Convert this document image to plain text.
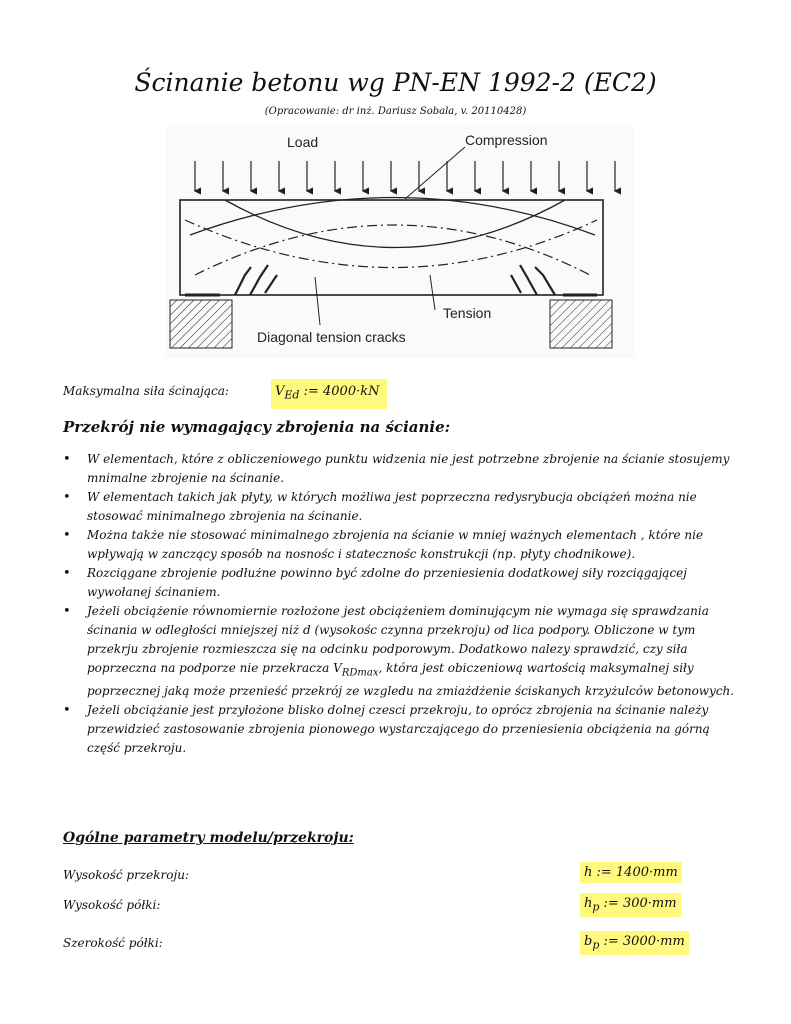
Ścinanie betonu wg PN-EN 1992-2 (EC2)
(Opracowanie: dr inż. Dariusz Sobala, v. 20110428)
Load	Compression
Tension
Diagonal tension cracks
Maksymalna siła ścinająca:	$V_{Ed}$ := 4000·kN
Przekrój nie wymagający zbrojenia na ścianie:
• W elementach, które z obliczeniowego punktu widzenia nie jest potrzebne zbrojenie na ścianie stosujemy mnimalne zbrojenie na ścinanie.
• W elementach takich jak płyty, w których możliwa jest poprzeczna redysrybucja obciążeń można nie stosować minimalnego zbrojenia na ścinanie.
• Można także nie stosować minimalnego zbrojenia na ścianie w mniej ważnych elementach , które nie wpływają w zanczący sposób na nosnośc i statecznośc konstrukcji (np. płyty chodnikowe).
• Rozciągane zbrojenie podłużne powinno być zdolne do przeniesienia dodatkowej siły rozciągającej wywołanej ścinaniem.
• Jeżeli obciążenie równomiernie rozłożone jest obciążeniem dominującym nie wymaga się sprawdzania ścinania w odległości mniejszej niż d (wysokośc czynna przekroju) od lica podpory. Obliczone w tym przekrju zbrojenie rozmieszcza się na odcinku podporowym. Dodatkowo nalezy sprawdzić, czy siła poprzeczna na podporze nie przekracza $V_{RDmax}$, która jest obiczeniową wartością maksymalnej siły poprzecznej jaką może przenieść przekrój ze wzgledu na zmiażdżenie ściskanych krzyżulców betonowych.
• Jeżeli obciążanie jest przyłożone blisko dolnej czesci przekroju, to oprócz zbrojenia na ścinanie należy przewidzieć zastosowanie zbrojenia pionowego wystarczającego do przeniesienia obciążenia na górną część przekroju.
Ogólne parametry modelu/przekroju:
Wysokość przekroju:	h := 1400·mm
Wysokość półki:	$h_p$ := 300·mm
Szerokość półki:	$b_p$ := 3000·mm
